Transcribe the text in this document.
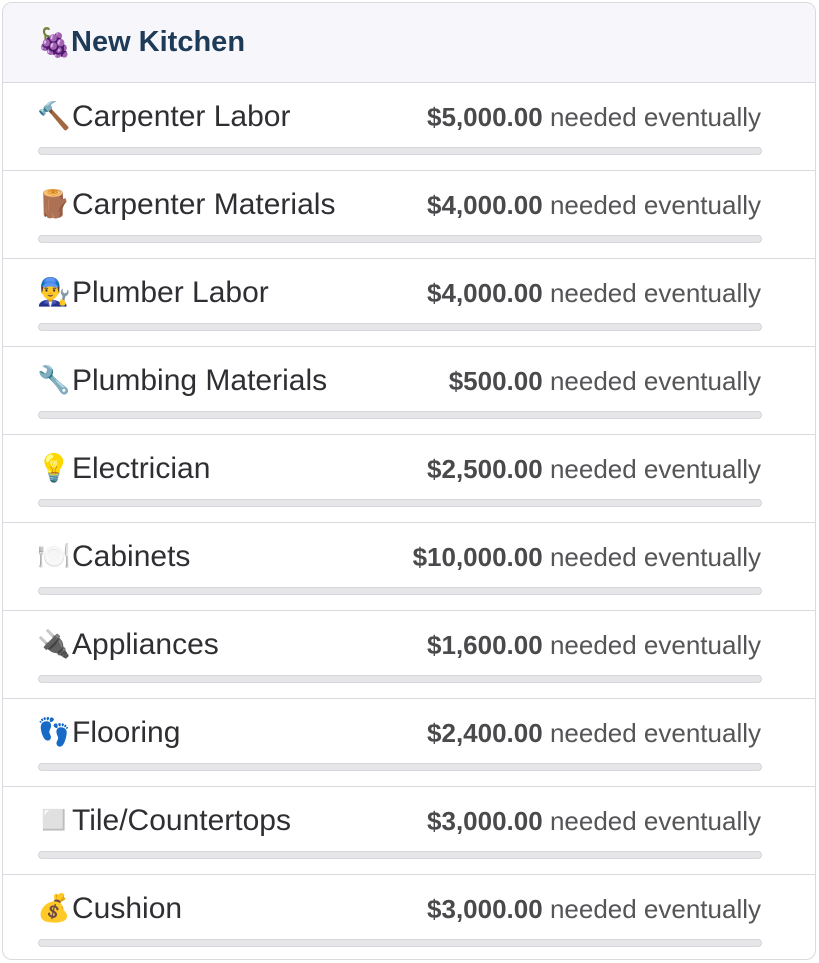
🍇 New Kitchen
🔨 Carpenter Labor	$5,000.00 needed eventually
🪵 Carpenter Materials	$4,000.00 needed eventually
👨‍🔧 Plumber Labor	$4,000.00 needed eventually
🔧 Plumbing Materials	$500.00 needed eventually
💡 Electrician	$2,500.00 needed eventually
🍽️ Cabinets	$10,000.00 needed eventually
🔌 Appliances	$1,600.00 needed eventually
👣 Flooring	$2,400.00 needed eventually
◻️ Tile/Countertops	$3,000.00 needed eventually
💰 Cushion	$3,000.00 needed eventually
